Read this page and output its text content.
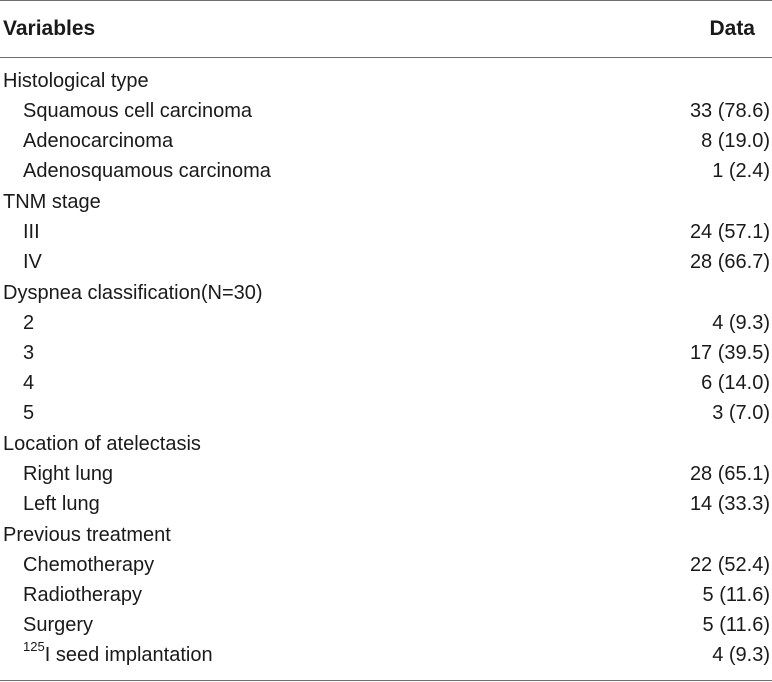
Variables	Data
Histological type
Squamous cell carcinoma	33 (78.6)
Adenocarcinoma	8 (19.0)
Adenosquamous carcinoma	1 (2.4)
TNM stage
III	24 (57.1)
IV	28 (66.7)
Dyspnea classification(N=30)
2	4 (9.3)
3	17 (39.5)
4	6 (14.0)
5	3 (7.0)
Location of atelectasis
Right lung	28 (65.1)
Left lung	14 (33.3)
Previous treatment
Chemotherapy	22 (52.4)
Radiotherapy	5 (11.6)
Surgery	5 (11.6)
$^{125}$I seed implantation	4 (9.3)
